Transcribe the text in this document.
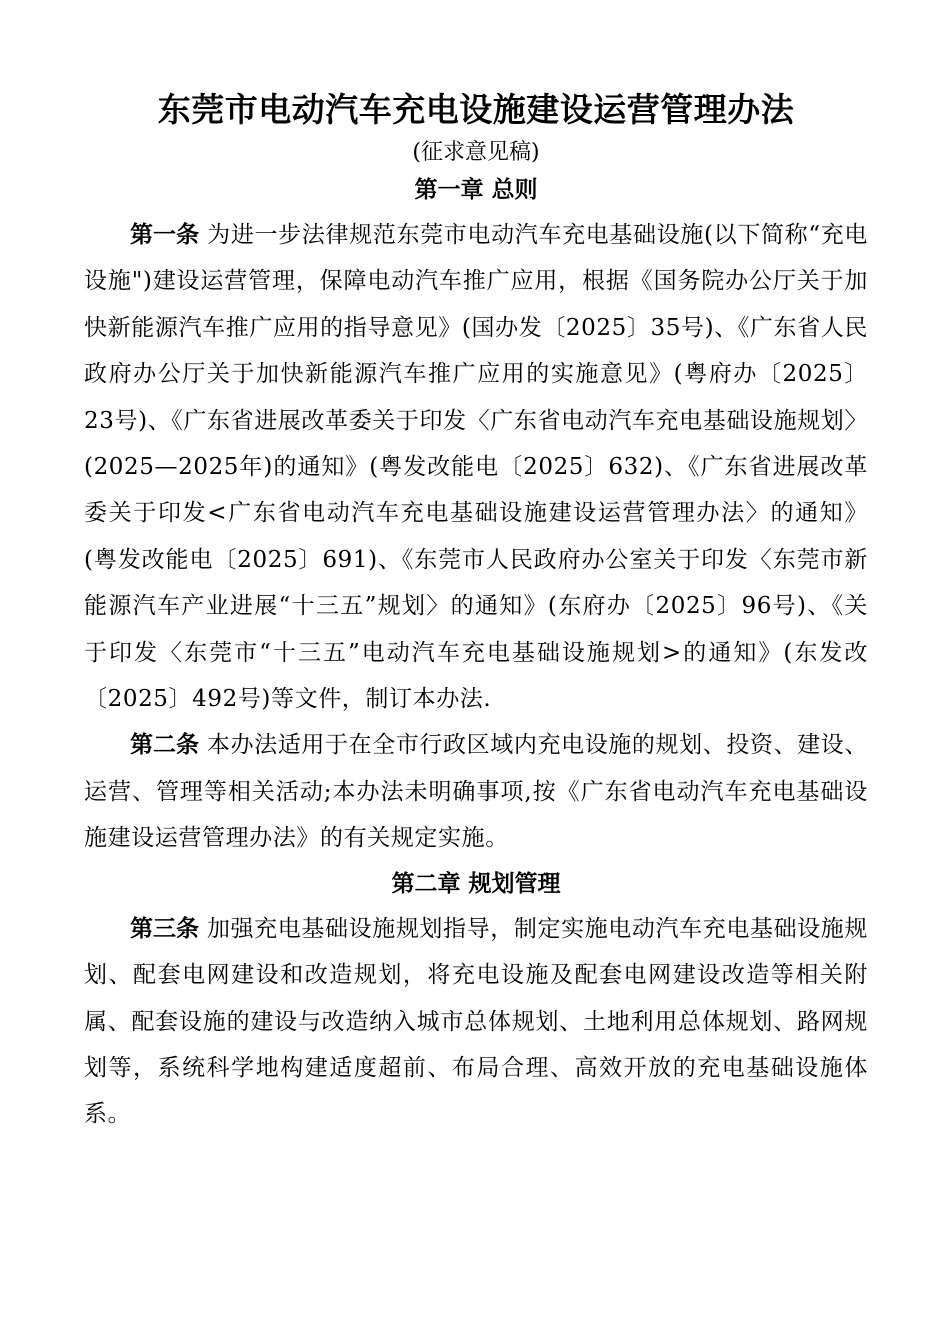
东莞市电动汽车充电设施建设运营管理办法
(征求意见稿)
第一章 总则

第一条 为进一步法律规范东莞市电动汽车充电基础设施(以下简称“充电设施")建设运营管理，保障电动汽车推广应用，根据《国务院办公厅关于加快新能源汽车推广应用的指导意见》(国办发〔2025〕35号)、《广东省人民政府办公厅关于加快新能源汽车推广应用的实施意见》(粤府办〔2025〕23号)、《广东省进展改革委关于印发〈广东省电动汽车充电基础设施规划〉(2025—2025年)的通知》(粤发改能电〔2025〕632)、《广东省进展改革委关于印发<广东省电动汽车充电基础设施建设运营管理办法〉的通知》(粤发改能电〔2025〕691)、《东莞市人民政府办公室关于印发〈东莞市新能源汽车产业进展“十三五”规划〉的通知》(东府办〔2025〕96号)、《关于印发〈东莞市“十三五”电动汽车充电基础设施规划>的通知》(东发改〔2025〕492号)等文件，制订本办法.

第二条 本办法适用于在全市行政区域内充电设施的规划、投资、建设、运营、管理等相关活动;本办法未明确事项,按《广东省电动汽车充电基础设施建设运营管理办法》的有关规定实施。

第二章 规划管理

第三条 加强充电基础设施规划指导，制定实施电动汽车充电基础设施规划、配套电网建设和改造规划，将充电设施及配套电网建设改造等相关附属、配套设施的建设与改造纳入城市总体规划、土地利用总体规划、路网规划等，系统科学地构建适度超前、布局合理、高效开放的充电基础设施体系。
